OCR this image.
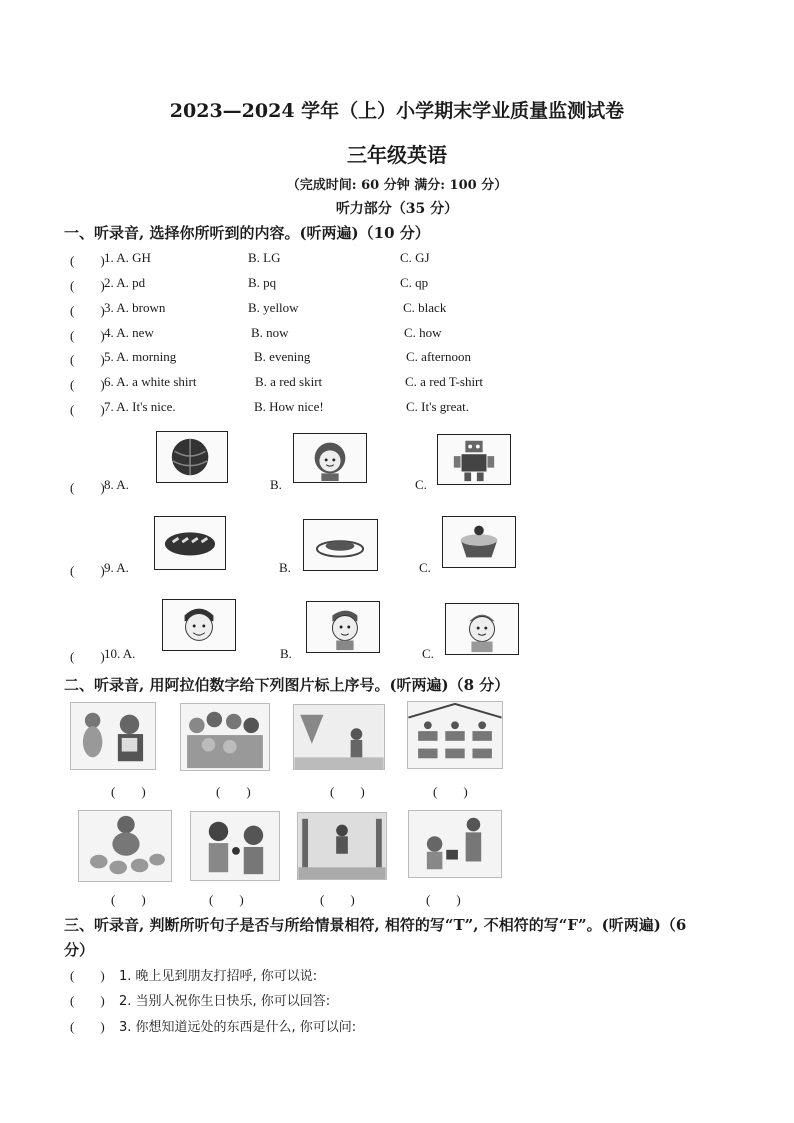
2023—2024 学年（上）小学期末学业质量监测试卷
三年级英语
（完成时间: 60 分钟 满分: 100 分）
听力部分（35 分）
一、听录音, 选择你所听到的内容。(听两遍)（10 分）
(　　) 1. A. GH	B. LG	C. GJ
(　　) 2. A. pd	B. pq	C. qp
(　　) 3. A. brown	B. yellow	C. black
(　　) 4. A. new	B. now	C. how
(　　) 5. A. morning	B. evening	C. afternoon
(　　) 6. A. a white shirt	B. a red skirt	C. a red T-shirt
(　　) 7. A. It's nice.	B. How nice!	C. It's great.
(　　) 8. A.	B.	C.
(　　) 9. A.	B.	C.
(　　) 10. A.	B.	C.
二、听录音, 用阿拉伯数字给下列图片标上序号。(听两遍)（8 分）
(　　)	(　　)	(　　)	(　　)
(　　)	(　　)	(　　)	(　　)
三、听录音, 判断所听句子是否与所给情景相符, 相符的写“T”, 不相符的写“F”。(听两遍)（6
分）
(　　) 1. 晚上见到朋友打招呼, 你可以说:
(　　) 2. 当别人祝你生日快乐, 你可以回答:
(　　) 3. 你想知道远处的东西是什么, 你可以问:
